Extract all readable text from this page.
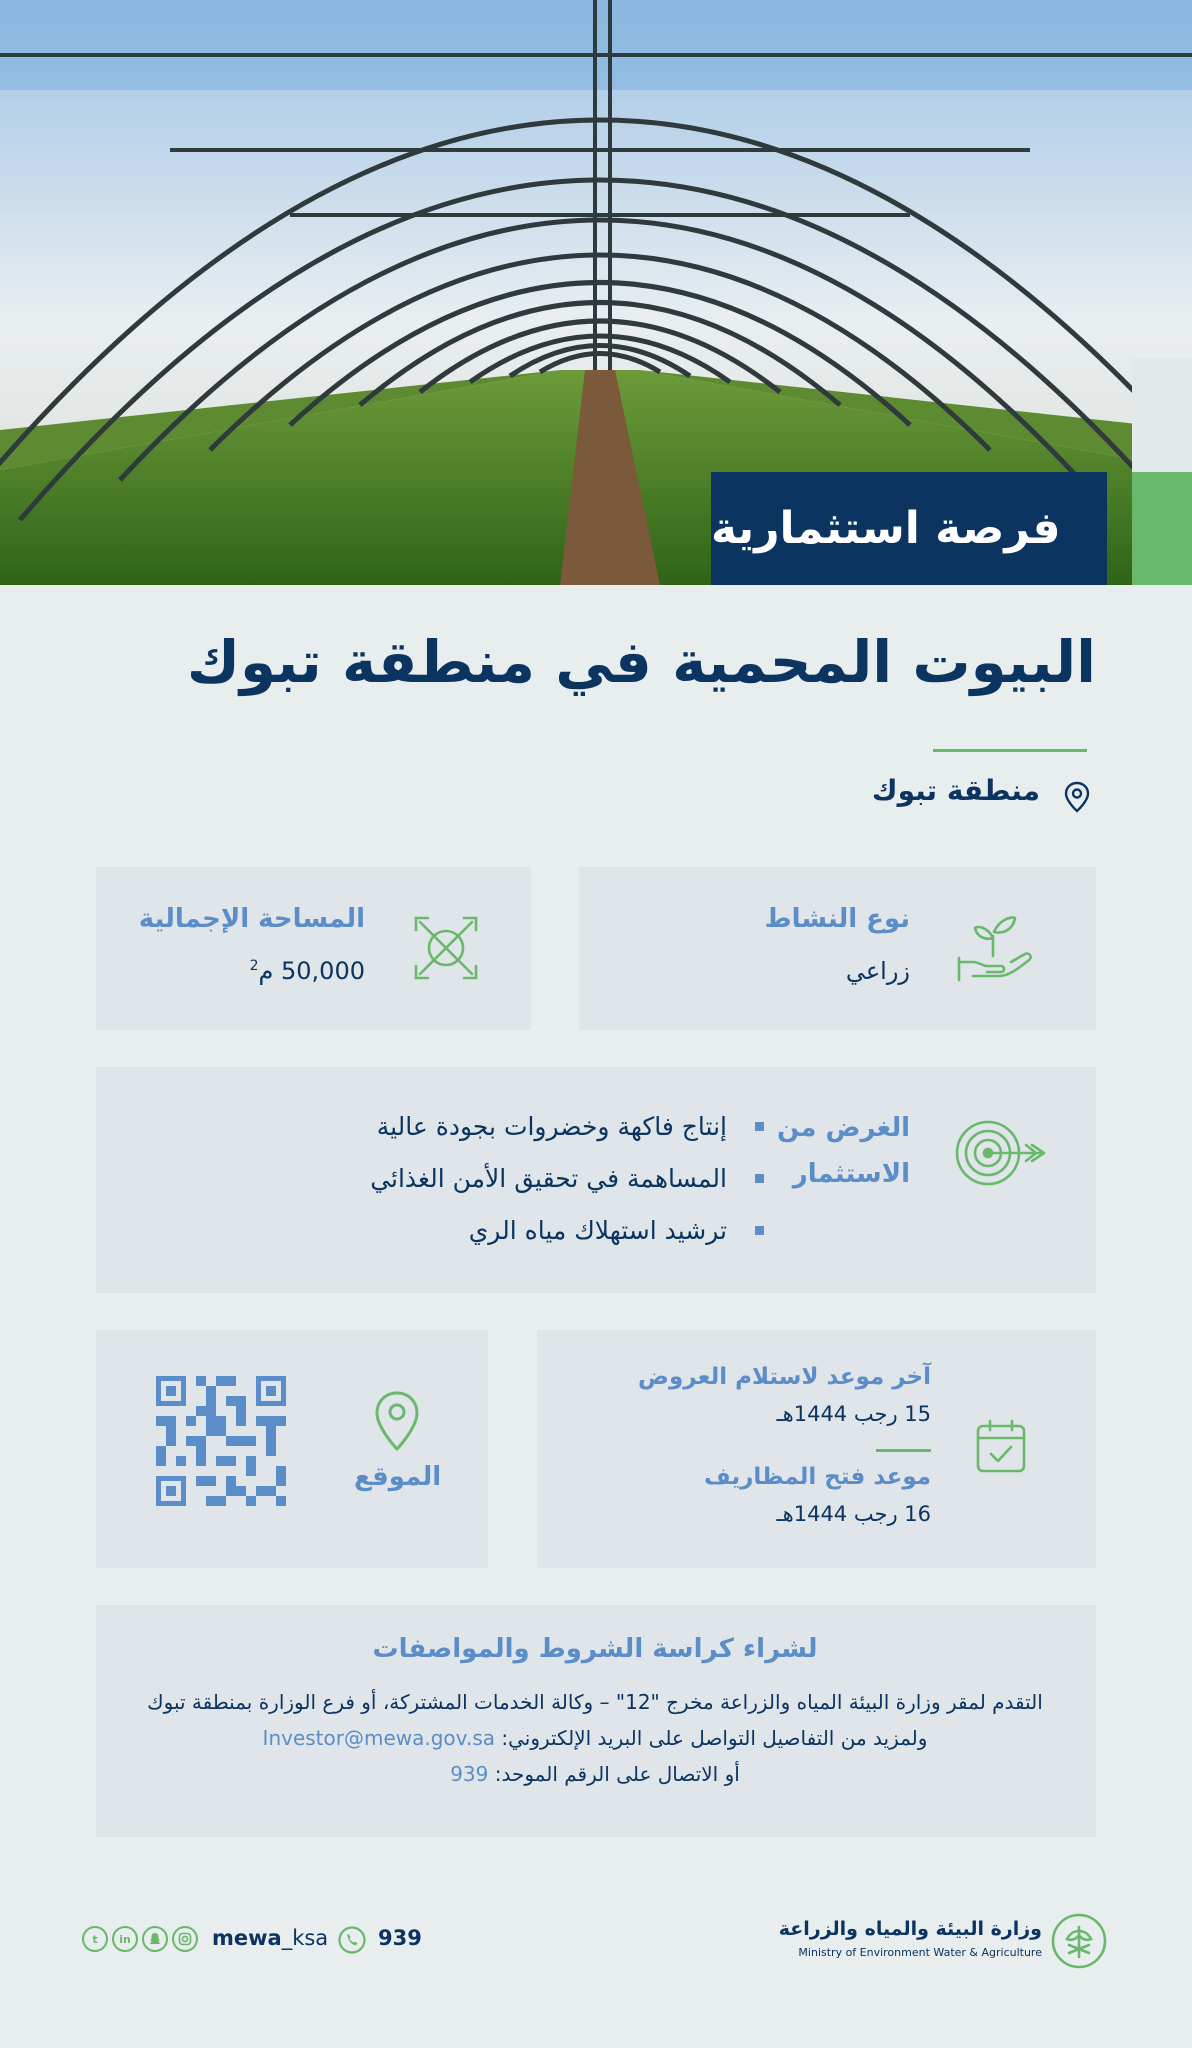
فرصة استثمارية
البيوت المحمية في منطقة تبوك
منطقة تبوك
نوع النشاط
زراعي
المساحة الإجمالية
50,000 م$^2$
الغرض من
الاستثمار
إنتاج فاكهة وخضروات بجودة عالية
المساهمة في تحقيق الأمن الغذائي
ترشيد استهلاك مياه الري
آخر موعد لاستلام العروض
15 رجب 1444هـ
موعد فتح المظاريف
16 رجب 1444هـ
الموقع
لشراء كراسة الشروط والمواصفات
التقدم لمقر وزارة البيئة المياه والزراعة مخرج "12" – وكالة الخدمات المشتركة، أو فرع الوزارة بمنطقة تبوك
ولمزيد من التفاصيل التواصل على البريد الإلكتروني: Investor@mewa.gov.sa
أو الاتصال على الرقم الموحد: 939
وزارة البيئة والمياه والزراعة
Ministry of Environment Water & Agriculture
t	in	mewa_ksa 939
